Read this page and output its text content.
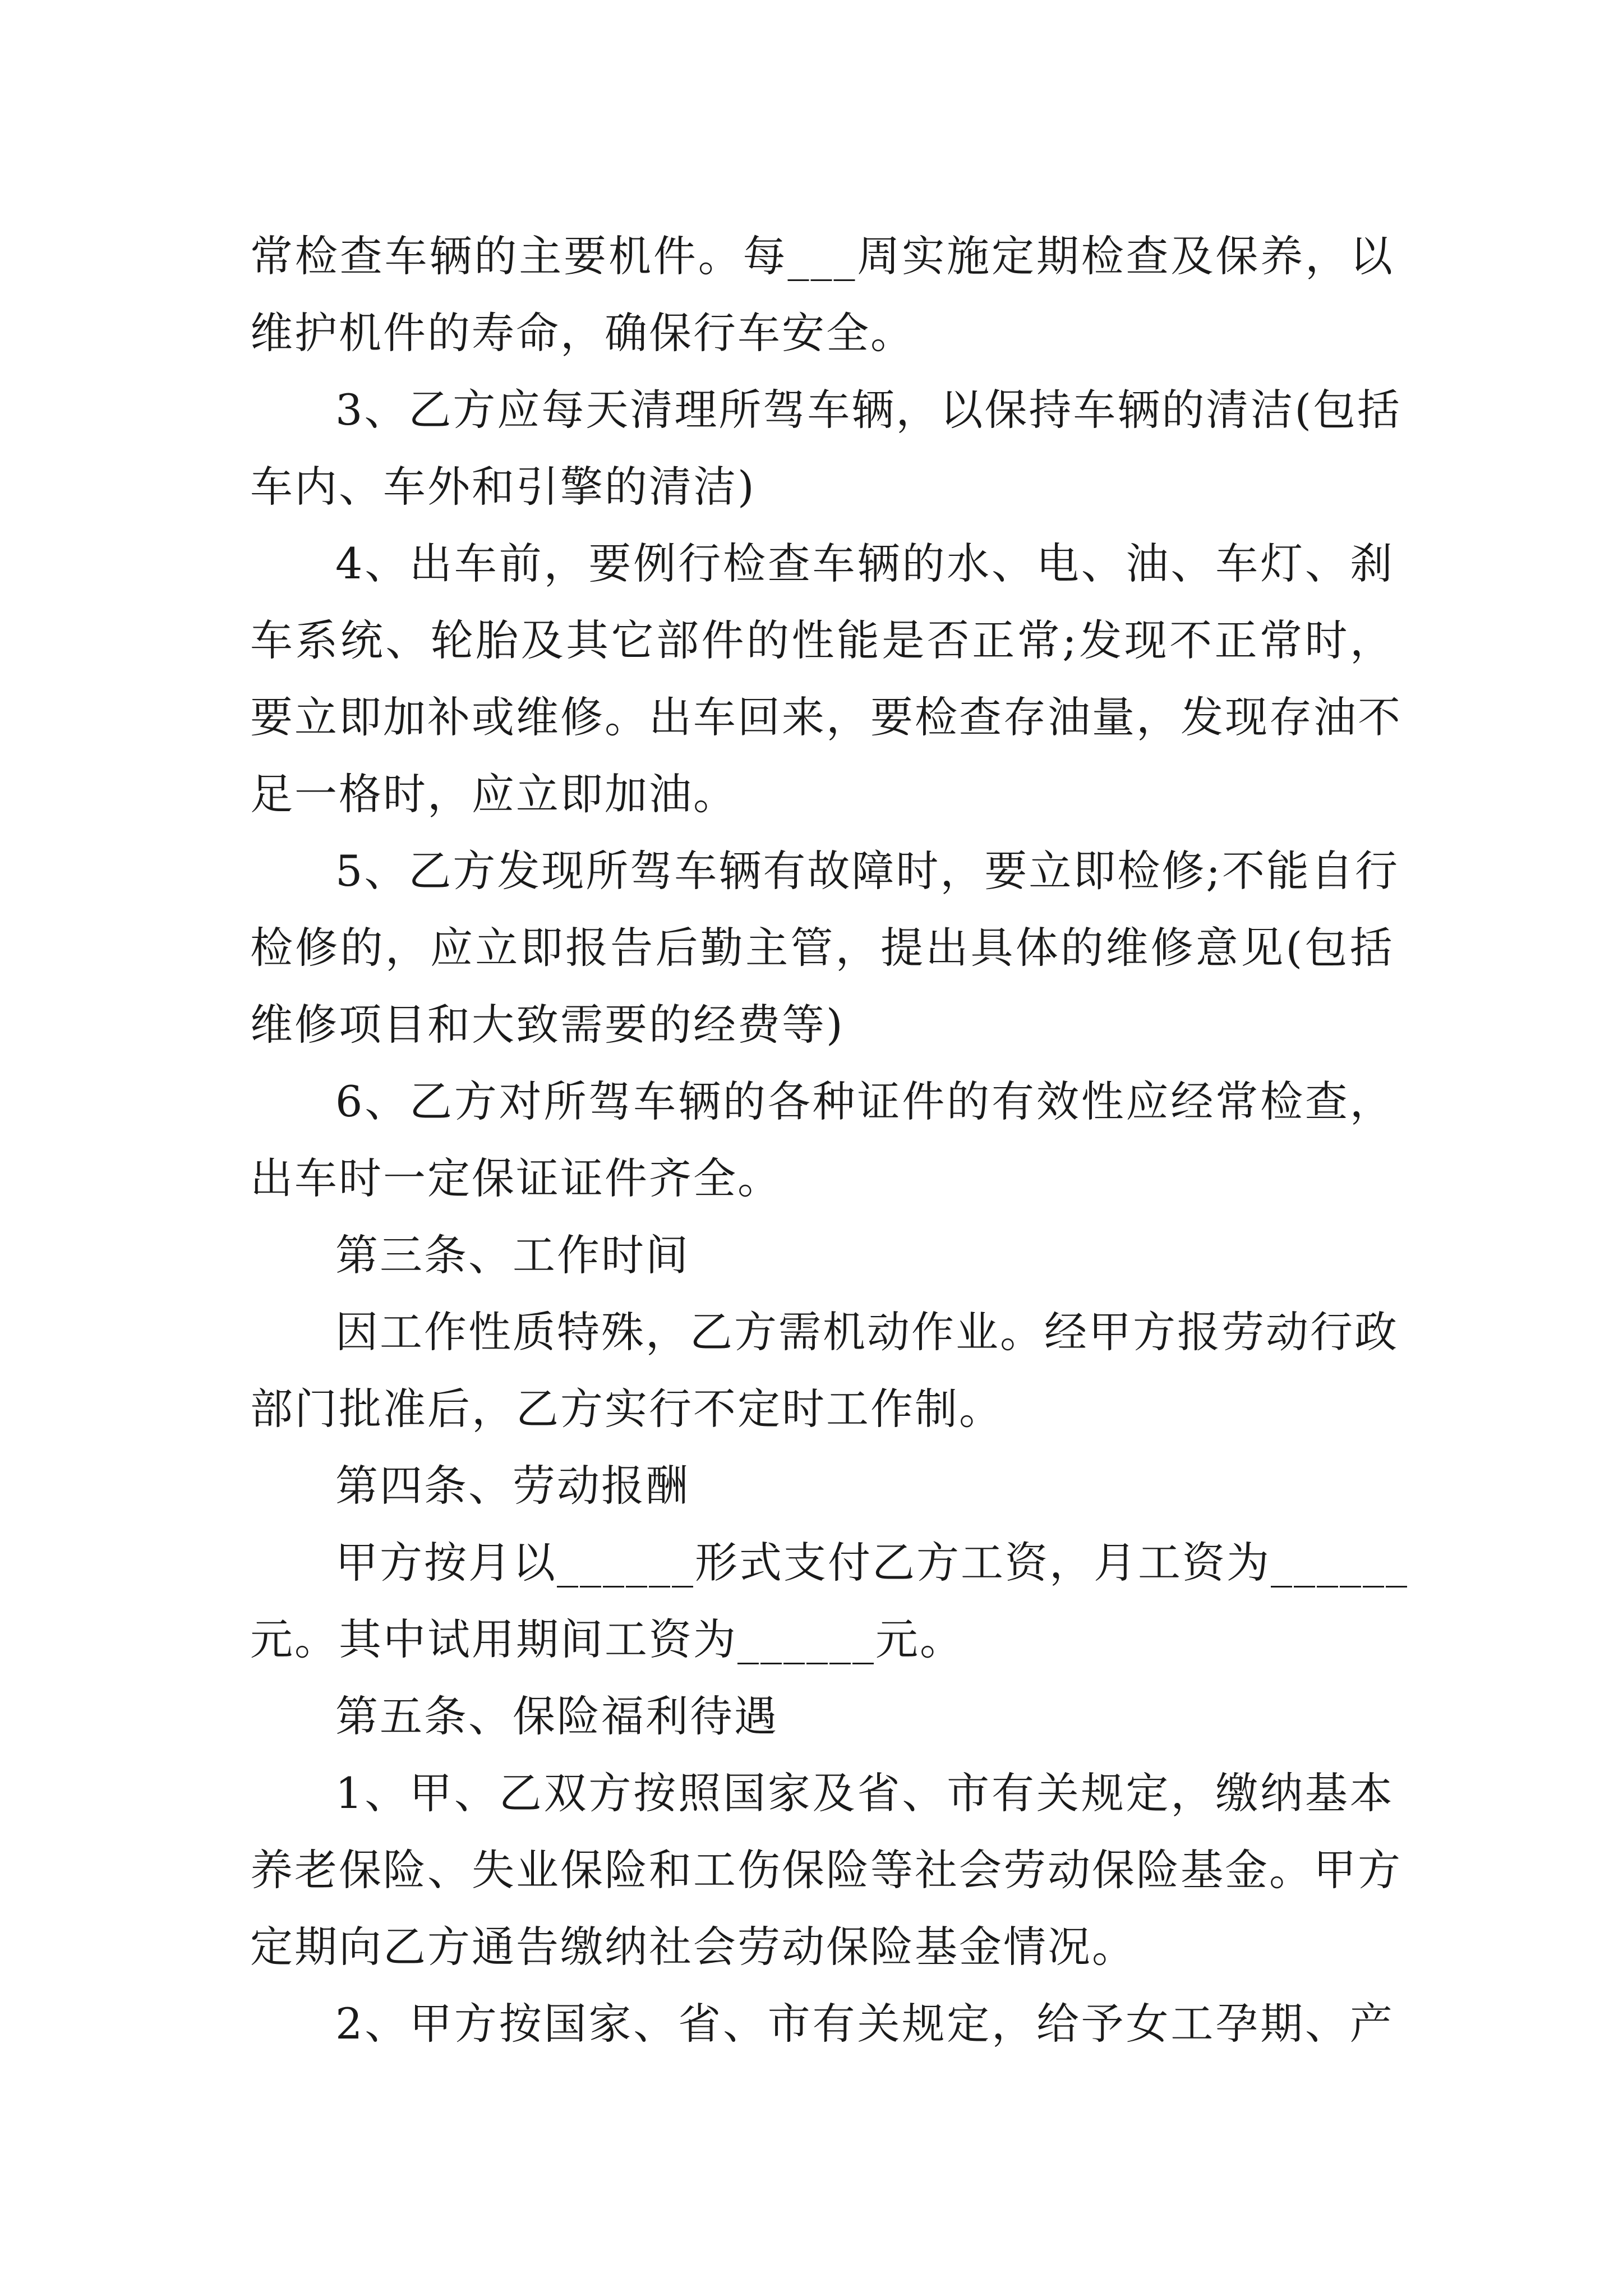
常 检 查 车 辆 的 主 要 机 件 。 每 ___ 周 实 施 定 期 检 查 及 保 养 ， 以
维护机件的寿命，确保行车安全。
3 、 乙 方 应 每 天 清 理 所 驾 车 辆 ， 以 保 持 车 辆 的 清 洁 ( 包 括
车内、车外和引擎的清洁)
4 、 出 车 前 ， 要 例 行 检 查 车 辆 的 水 、 电 、 油 、 车 灯 、 刹
车 系 统 、 轮 胎 及 其 它 部 件 的 性 能 是 否 正 常 ; 发 现 不 正 常 时 ，
要 立 即 加 补 或 维 修 。 出 车 回 来 ， 要 检 查 存 油 量 ， 发 现 存 油 不
足一格时，应立即加油。
5 、 乙 方 发 现 所 驾 车 辆 有 故 障 时 ， 要 立 即 检 修 ; 不 能 自 行
检 修 的 ， 应 立 即 报 告 后 勤 主 管 ， 提 出 具 体 的 维 修 意 见 ( 包 括
维修项目和大致需要的经费等)
6 、 乙 方 对 所 驾 车 辆 的 各 种 证 件 的 有 效 性 应 经 常 检 查 ，
出车时一定保证证件齐全。
第三条、工作时间
因 工 作 性 质 特 殊 ， 乙 方 需 机 动 作 业 。 经 甲 方 报 劳 动 行 政
部门批准后，乙方实行不定时工作制。
第四条、劳动报酬
甲 方 按 月 以 ______ 形 式 支 付 乙 方 工 资 ， 月 工 资 为 ______
元。其中试用期间工资为______元。
第五条、保险福利待遇
1 、 甲 、 乙 双 方 按 照 国 家 及 省 、 市 有 关 规 定 ， 缴 纳 基 本
养 老 保 险 、 失 业 保 险 和 工 伤 保 险 等 社 会 劳 动 保 险 基 金 。 甲 方
定期向乙方通告缴纳社会劳动保险基金情况。
2 、 甲 方 按 国 家 、 省 、 市 有 关 规 定 ， 给 予 女 工 孕 期 、 产
